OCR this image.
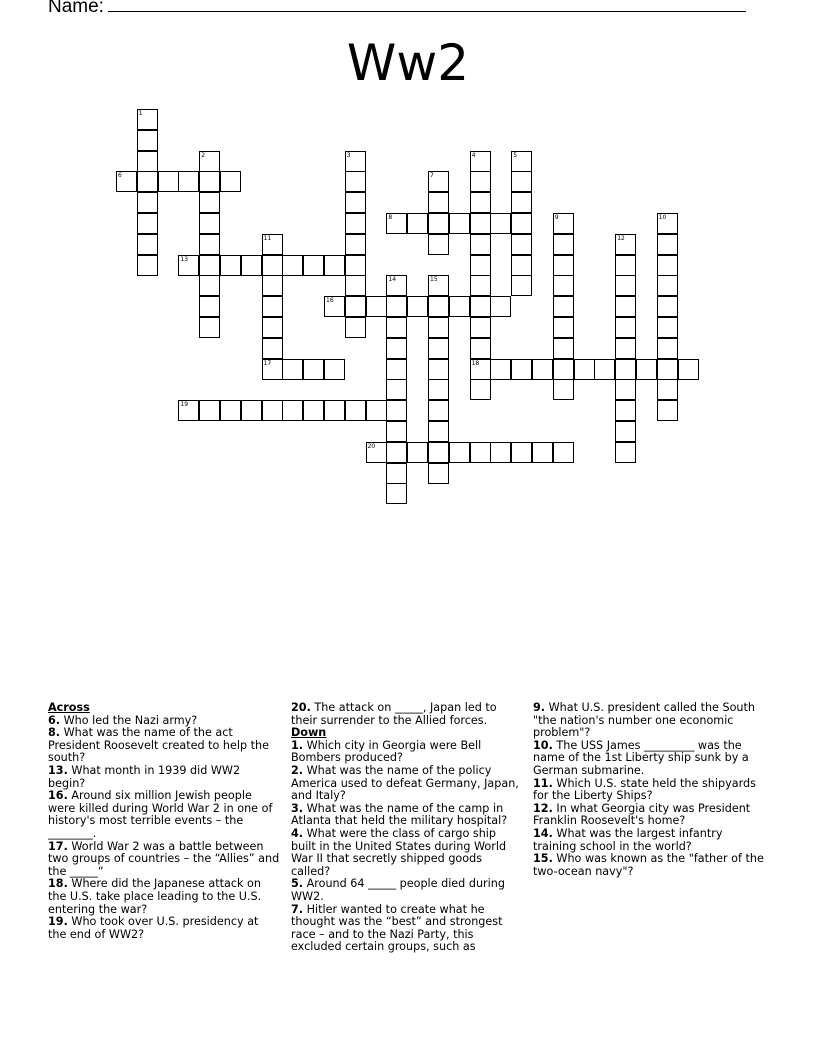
Name:
Ww2
1
2	3	4
18
5
6	7
8	9	10
11
17
12
13
14	15
16
19
20
Across
6. Who led the Nazi army?
8. What was the name of the act President Roosevelt created to help the south?
13. What month in 1939 did WW2 begin?
16. Around six million Jewish people were killed during World War 2 in one of history's most terrible events – the ________.
17. World War 2 was a battle between two groups of countries – the “Allies” and the _____“
18. Where did the Japanese attack on the U.S. take place leading to the U.S. entering the war?
19. Who took over U.S. presidency at the end of WW2?
20. The attack on _____, Japan led to their surrender to the Allied forces.
Down
1. Which city in Georgia were Bell Bombers produced?
2. What was the name of the policy America used to defeat Germany, Japan, and Italy?
3. What was the name of the camp in Atlanta that held the military hospital?
4. What were the class of cargo ship built in the United States during World War II that secretly shipped goods called?
5. Around 64 _____ people died during WW2.
7. Hitler wanted to create what he thought was the “best” and strongest race – and to the Nazi Party, this excluded certain groups, such as
9. What U.S. president called the South "the nation's number one economic problem"?
10. The USS James _________ was the name of the 1st Liberty ship sunk by a German submarine.
11. Which U.S. state held the shipyards for the Liberty Ships?
12. In what Georgia city was President Franklin Roosevelt's home?
14. What was the largest infantry training school in the world?
15. Who was known as the "father of the two-ocean navy"?
